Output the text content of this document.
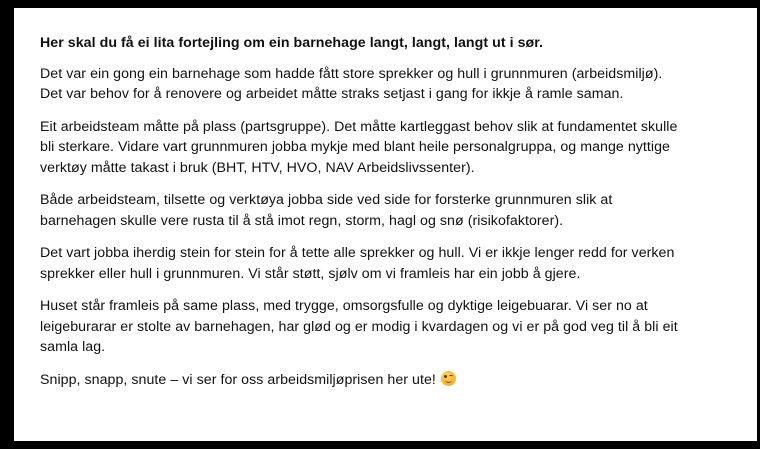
Her skal du få ei lita fortejling om ein barnehage langt, langt, langt ut i sør.

Det var ein gong ein barnehage som hadde fått store sprekker og hull i grunnmuren (arbeidsmiljø).
Det var behov for å renovere og arbeidet måtte straks setjast i gang for ikkje å ramle saman.

Eit arbeidsteam måtte på plass (partsgruppe). Det måtte kartleggast behov slik at fundamentet skulle
bli sterkare. Vidare vart grunnmuren jobba mykje med blant heile personalgruppa, og mange nyttige
verktøy måtte takast i bruk (BHT, HTV, HVO, NAV Arbeidslivssenter).

Både arbeidsteam, tilsette og verktøya jobba side ved side for forsterke grunnmuren slik at
barnehagen skulle vere rusta til å stå imot regn, storm, hagl og snø (risikofaktorer).

Det vart jobba iherdig stein for stein for å tette alle sprekker og hull. Vi er ikkje lenger redd for verken
sprekker eller hull i grunnmuren. Vi står støtt, sjølv om vi framleis har ein jobb å gjere.

Huset står framleis på same plass, med trygge, omsorgsfulle og dyktige leigebuarar. Vi ser no at
leigeburarar er stolte av barnehagen, har glød og er modig i kvardagen og vi er på god veg til å bli eit
samla lag.

Snipp, snapp, snute – vi ser for oss arbeidsmiljøprisen her ute!
